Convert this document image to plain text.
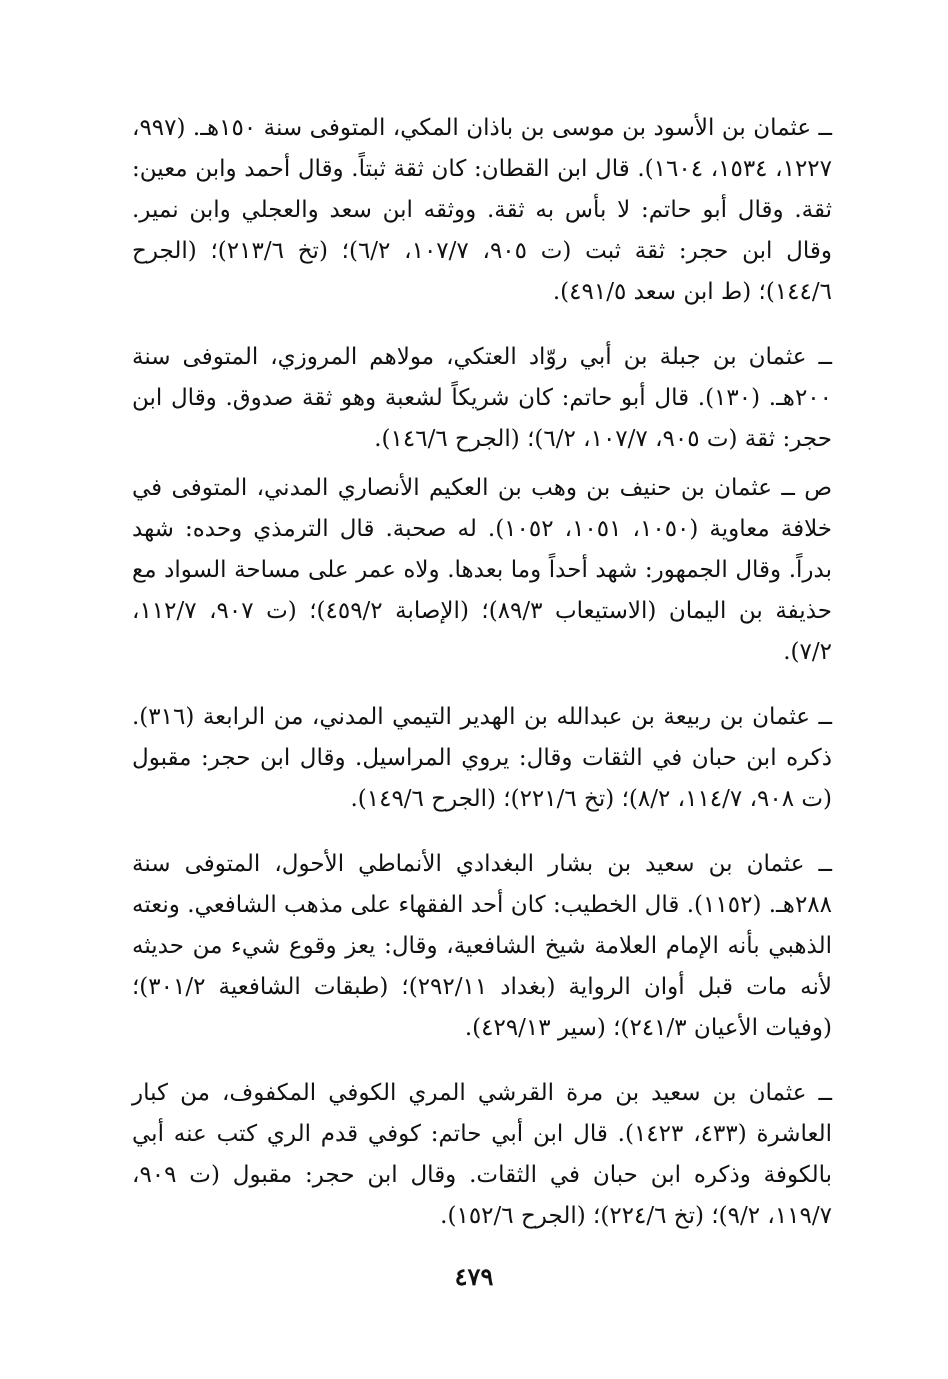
ــ عثمان بن الأسود بن موسى بن باذان المكي، المتوفى سنة ١٥٠هـ. (٩٩٧، ١٢٢٧، ١٥٣٤، ١٦٠٤). قال ابن القطان: كان ثقة ثبتاً. وقال أحمد وابن معين: ثقة. وقال أبو حاتم: لا بأس به ثقة. ووثقه ابن سعد والعجلي وابن نمير. وقال ابن حجر: ثقة ثبت (ت ٩٠٥، ١٠٧/٧، ٦/٢)؛ (تخ ٢١٣/٦)؛ (الجرح ١٤٤/٦)؛ (ط ابن سعد ٤٩١/٥).

ــ عثمان بن جبلة بن أبي روّاد العتكي، مولاهم المروزي، المتوفى سنة ٢٠٠هـ. (١٣٠). قال أبو حاتم: كان شريكاً لشعبة وهو ثقة صدوق. وقال ابن حجر: ثقة (ت ٩٠٥، ١٠٧/٧، ٦/٢)؛ (الجرح ١٤٦/٦).

ص ــ عثمان بن حنيف بن وهب بن العكيم الأنصاري المدني، المتوفى في خلافة معاوية (١٠٥٠، ١٠٥١، ١٠٥٢). له صحبة. قال الترمذي وحده: شهد بدراً. وقال الجمهور: شهد أحداً وما بعدها. ولاه عمر على مساحة السواد مع حذيفة بن اليمان (الاستيعاب ٨٩/٣)؛ (الإصابة ٤٥٩/٢)؛ (ت ٩٠٧، ١١٢/٧، ٧/٢).

ــ عثمان بن ربيعة بن عبدالله بن الهدير التيمي المدني، من الرابعة (٣١٦). ذكره ابن حبان في الثقات وقال: يروي المراسيل. وقال ابن حجر: مقبول (ت ٩٠٨، ١١٤/٧، ٨/٢)؛ (تخ ٢٢١/٦)؛ (الجرح ١٤٩/٦).

ــ عثمان بن سعيد بن بشار البغدادي الأنماطي الأحول، المتوفى سنة ٢٨٨هـ. (١١٥٢). قال الخطيب: كان أحد الفقهاء على مذهب الشافعي. ونعته الذهبي بأنه الإمام العلامة شيخ الشافعية، وقال: يعز وقوع شيء من حديثه لأنه مات قبل أوان الرواية (بغداد ٢٩٢/١١)؛ (طبقات الشافعية ٣٠١/٢)؛ (وفيات الأعيان ٢٤١/٣)؛ (سير ٤٢٩/١٣).

ــ عثمان بن سعيد بن مرة القرشي المري الكوفي المكفوف، من كبار العاشرة (٤٣٣، ١٤٢٣). قال ابن أبي حاتم: كوفي قدم الري كتب عنه أبي بالكوفة وذكره ابن حبان في الثقات. وقال ابن حجر: مقبول (ت ٩٠٩، ١١٩/٧، ٩/٢)؛ (تخ ٢٢٤/٦)؛ (الجرح ١٥٢/٦).

٤٧٩
